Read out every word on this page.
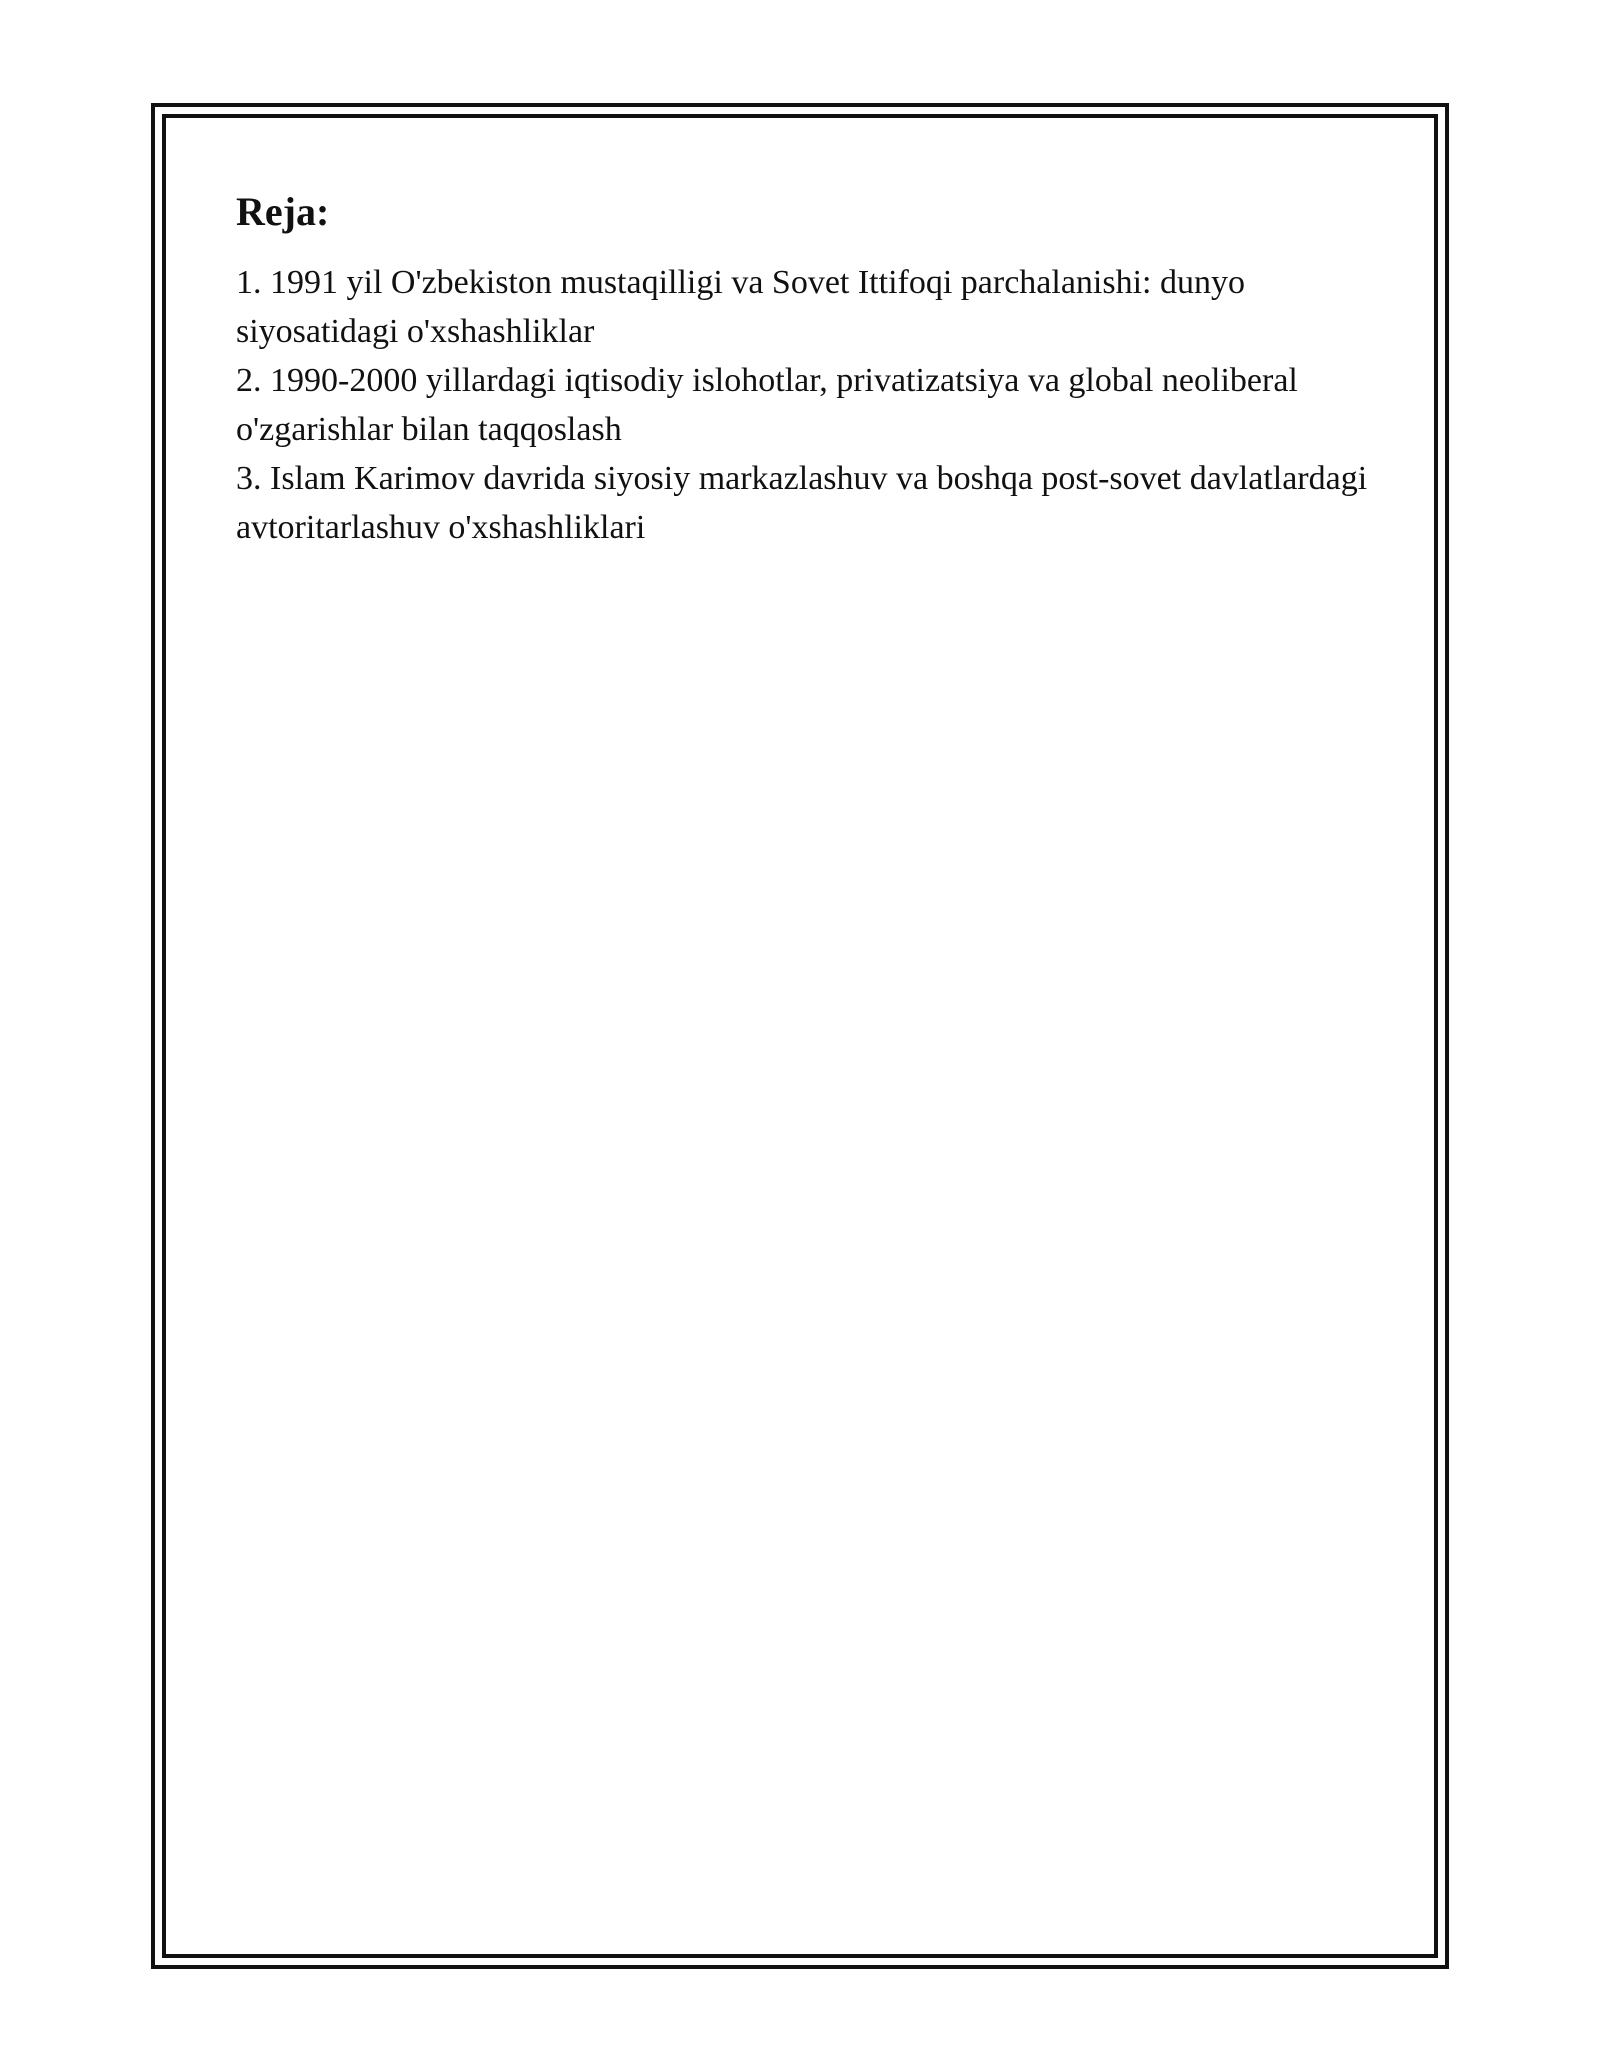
Reja:
1. 1991 yil O'zbekiston mustaqilligi va Sovet Ittifoqi parchalanishi: dunyo siyosatidagi o'xshashliklar
2. 1990-2000 yillardagi iqtisodiy islohotlar, privatizatsiya va global neoliberal o'zgarishlar bilan taqqoslash
3. Islam Karimov davrida siyosiy markazlashuv va boshqa post-sovet davlatlardagi avtoritarlashuv o'xshashliklari
